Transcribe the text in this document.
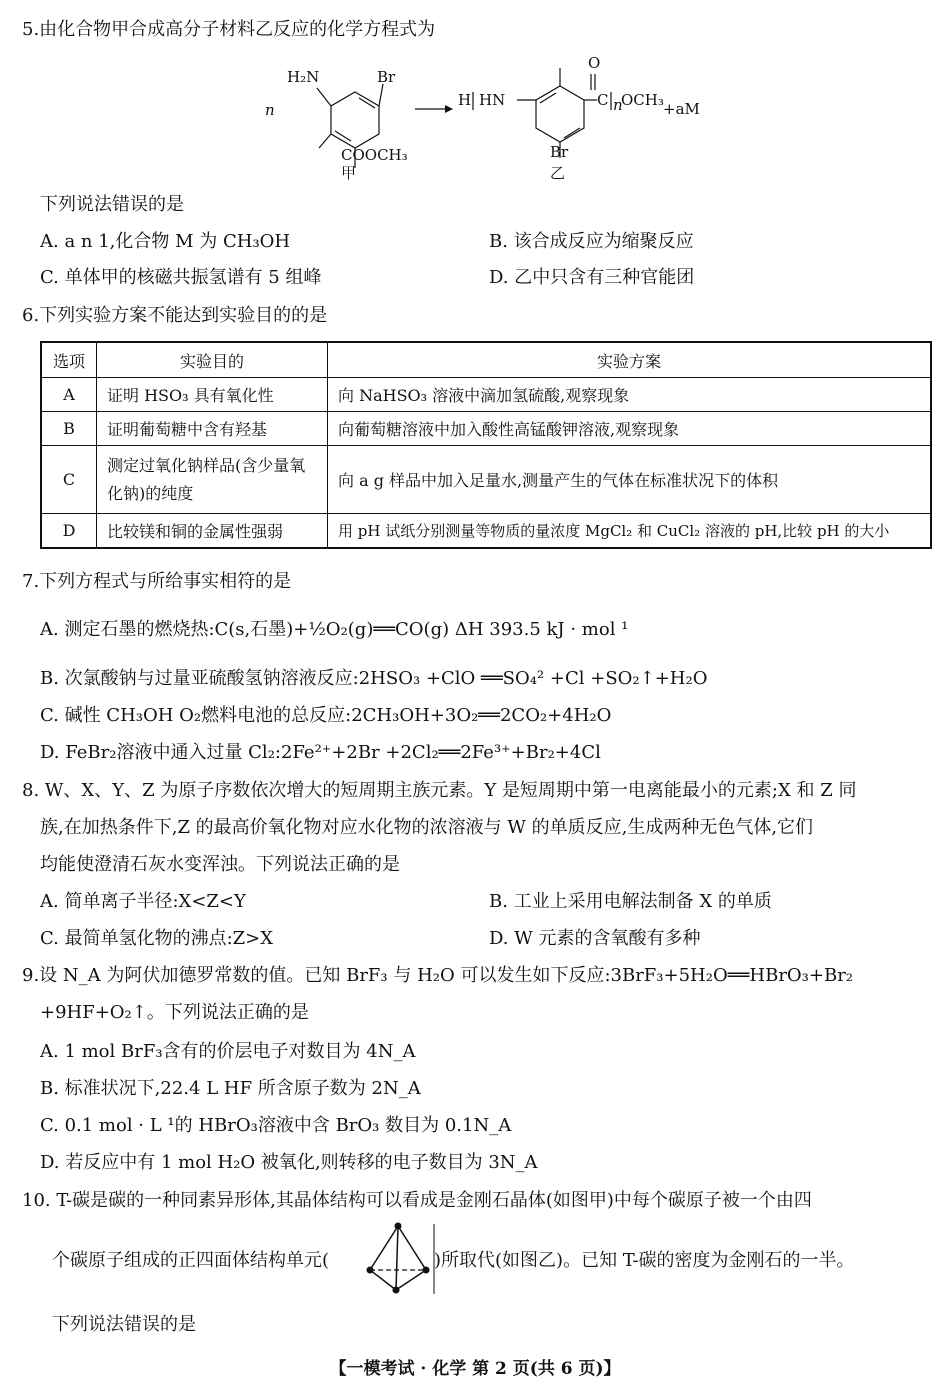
5.由化合物甲合成高分子材料乙反应的化学方程式为
n
H₂N	Br
COOCH₃
甲
H HN	C
O
n
OCH₃ +aM
Br
乙
下列说法错误的是
A. a n 1,化合物 M 为 CH₃OH	B. 该合成反应为缩聚反应
C. 单体甲的核磁共振氢谱有 5 组峰	D. 乙中只含有三种官能团
6.下列实验方案不能达到实验目的的是
选项	实验目的	实验方案
A	证明 HSO₃ 具有氧化性	向 NaHSO₃ 溶液中滴加氢硫酸,观察现象
B	证明葡萄糖中含有羟基	向葡萄糖溶液中加入酸性高锰酸钾溶液,观察现象
C	测定过氧化钠样品(含少量氧化钠)的纯度	向 a g 样品中加入足量水,测量产生的气体在标准状况下的体积
D	比较镁和铜的金属性强弱	用 pH 试纸分别测量等物质的量浓度 MgCl₂ 和 CuCl₂ 溶液的 pH,比较 pH 的大小
7.下列方程式与所给事实相符的是
A. 测定石墨的燃烧热:C(s,石墨)+½O₂(g)══CO(g) ΔH 393.5 kJ · mol ¹
B. 次氯酸钠与过量亚硫酸氢钠溶液反应:2HSO₃ +ClO ══SO₄² +Cl +SO₂↑+H₂O
C. 碱性 CH₃OH O₂燃料电池的总反应:2CH₃OH+3O₂══2CO₂+4H₂O
D. FeBr₂溶液中通入过量 Cl₂:2Fe²⁺+2Br +2Cl₂══2Fe³⁺+Br₂+4Cl
8. W、X、Y、Z 为原子序数依次增大的短周期主族元素。Y 是短周期中第一电离能最小的元素;X 和 Z 同
族,在加热条件下,Z 的最高价氧化物对应水化物的浓溶液与 W 的单质反应,生成两种无色气体,它们
均能使澄清石灰水变浑浊。下列说法正确的是
A. 简单离子半径:X<Z<Y	B. 工业上采用电解法制备 X 的单质
C. 最简单氢化物的沸点:Z>X	D. W 元素的含氧酸有多种
9.设 N_A 为阿伏加德罗常数的值。已知 BrF₃ 与 H₂O 可以发生如下反应:3BrF₃+5H₂O══HBrO₃+Br₂
+9HF+O₂↑。下列说法正确的是
A. 1 mol BrF₃含有的价层电子对数目为 4N_A
B. 标准状况下,22.4 L HF 所含原子数为 2N_A
C. 0.1 mol · L ¹的 HBrO₃溶液中含 BrO₃ 数目为 0.1N_A
D. 若反应中有 1 mol H₂O 被氧化,则转移的电子数目为 3N_A
10. T-碳是碳的一种同素异形体,其晶体结构可以看成是金刚石晶体(如图甲)中每个碳原子被一个由四
个碳原子组成的正四面体结构单元(	)所取代(如图乙)。已知 T-碳的密度为金刚石的一半。
下列说法错误的是
【一模考试 · 化学 第 2 页(共 6 页)】
